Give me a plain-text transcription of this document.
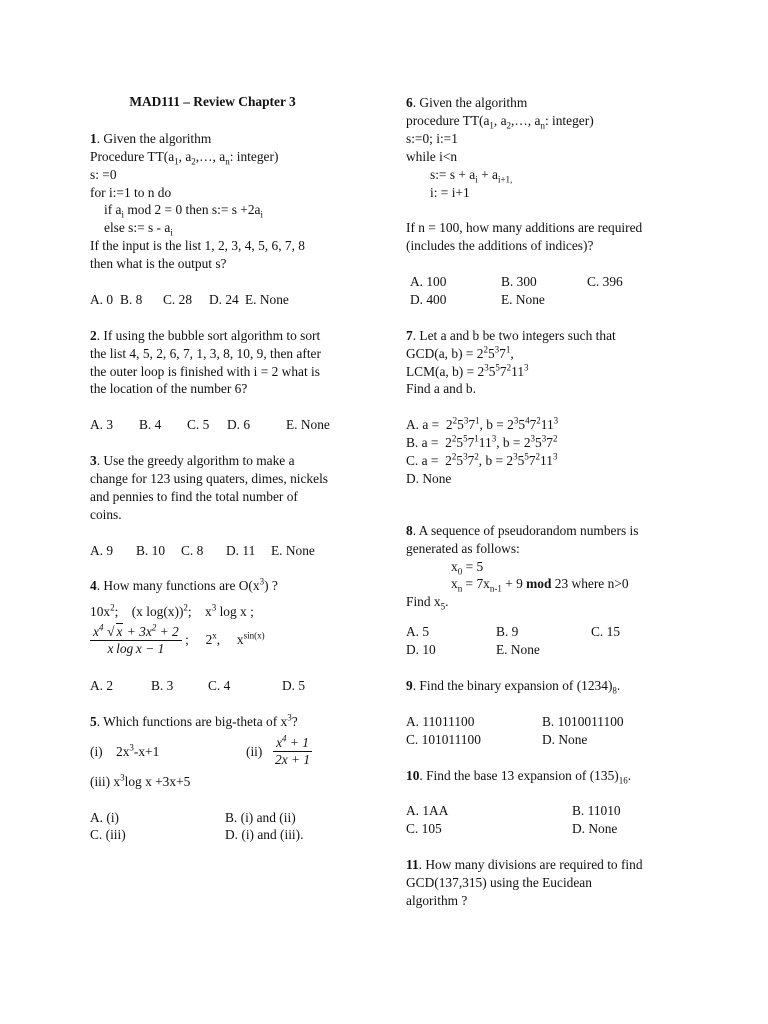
MAD111 – Review Chapter 3
1. Given the algorithm
Procedure $TT(a_1$, $a_2,\dots$, $a_n$: integer)
s: =0
for i:=1 to n do
if $a_i$ mod 2 = 0 then s:= $s +2a_i$
else s:= s - $a_i$
If the input is the list 1, 2, 3, 4, 5, 6, 7, 8
then what is the output s?
A. 0 B. 8	C. 28	D. 24 E. None
2. If using the bubble sort algorithm to sort
the list 4, 5, 2, 6, 7, 1, 3, 8, 10, 9, then after
the outer loop is finished with i = 2 what is
the location of the number 6?
A. 3	B. 4	C. 5	D. 6	E. None
3. Use the greedy algorithm to make a
change for 123 using quaters, dimes, nickels
and pennies to find the total number of
coins.
A. 9	B. 10	C. 8	D. 11	E. None
4. How many functions are $O(x^3)$ ?
$10x^2$;    (x log(x))$^2$;    $x^3$ log x ;
$\frac{x^4 √ x + 3x^2 + 2}{\text{x log x − 1}}$ ;     2$^x$,     $x^{sin(x)}$
A. 2	B. 3	C. 4	D. 5
5. Which functions are big-theta of $x^3$?
(i) $2x^3-x+1$	$(ii) \frac{x^4 + 1}{2x + 1}$
(iii) $x^3\log$ x +3x+5
A. (i)	B. (i) and (ii)
C. (iii)	D. (i) and (iii).
6. Given the algorithm
procedure $TT(a_1$, $a_2,\dots$, $a_n$: integer)
s:=0; i:=1
while i<n
s:= $s + a_i + a_{i+1,}$
i: = i+1
If n = 100, how many additions are required
(includes the additions of indices)?
A. 100	B. 300	C. 396
D. 400	E. None
7. Let a and b be two integers such that
GCD(a, $b) = 2^25^37^1$,
LCM(a, $b) = 2^35^57^211^3$
Find a and b.
A. $a = 2^25^37^1$, $b = 2^35^47^211^3$
B. $a = 2^25^57^111^3$, $b = 2^35^37^2$
C. $a = 2^25^37^2$, $b = 2^35^57^211^3$
D. None
8. A sequence of pseudorandom numbers is
generated as follows:
$x_0 = 5$
$x_n = 7x_{n-1} + 9$ mod 23 where n>0
Find $x_5$.
A. 5	B. 9	C. 15
D. 10	E. None
9. Find the binary expansion of $(1234)_8$.
A. 11011100	B. 1010011100
C. 101011100	D. None
10. Find the base 13 expansion of $(135)_{16}$.
A. 1AA	B. 11010
C. 105	D. None
11. How many divisions are required to find
GCD(137,315) using the Eucidean
algorithm ?
